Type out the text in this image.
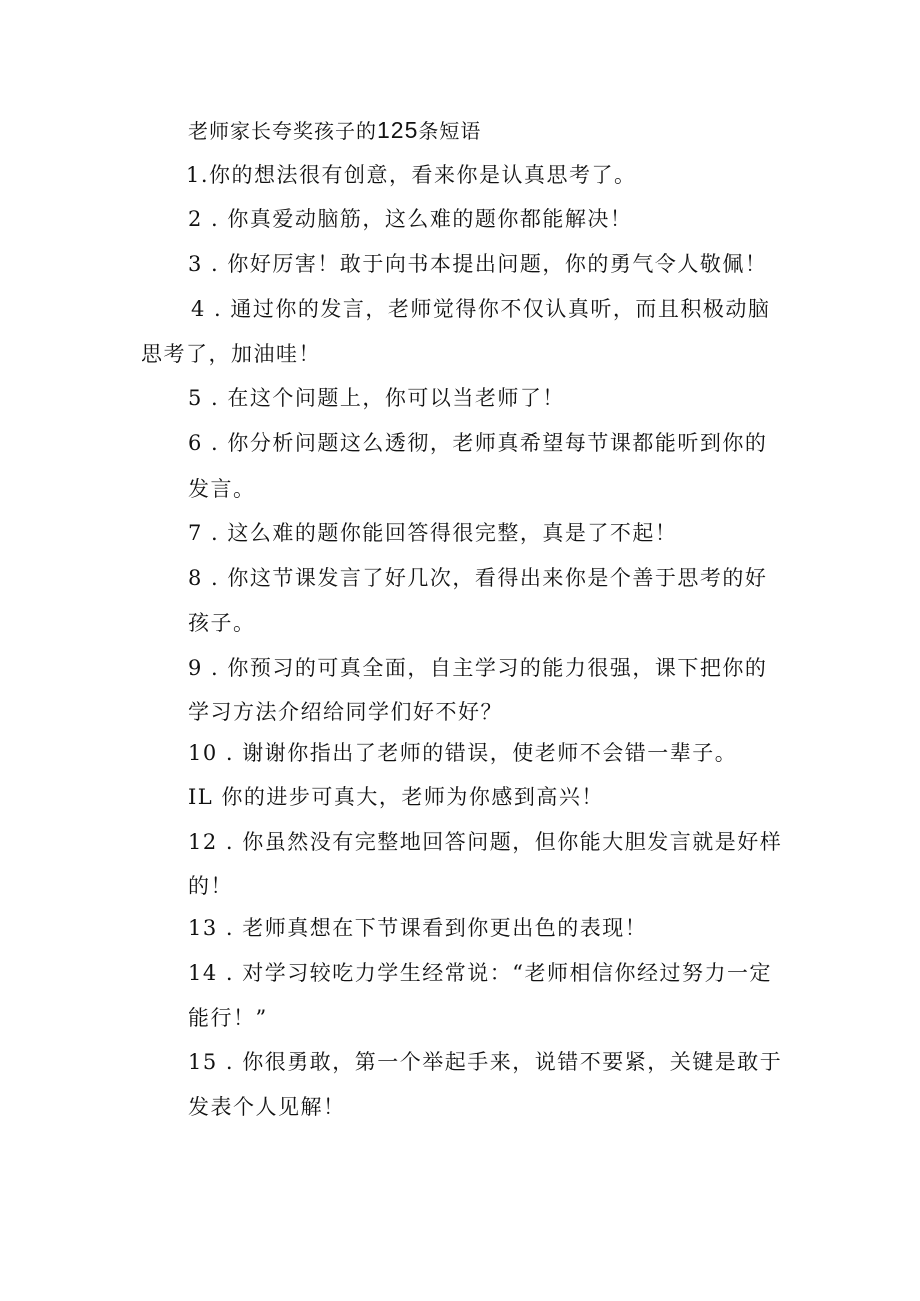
老师家长夸奖孩子的125条短语
1.你的想法很有创意，看来你是认真思考了。
2 . 你真爱动脑筋，这么难的题你都能解决！
3 . 你好厉害！敢于向书本提出问题，你的勇气令人敬佩！
4 . 通过你的发言，老师觉得你不仅认真听，而且积极动脑
思考了，加油哇！
5 . 在这个问题上，你可以当老师了！
6 . 你分析问题这么透彻，老师真希望每节课都能听到你的
发言。
7 . 这么难的题你能回答得很完整，真是了不起！
8 . 你这节课发言了好几次，看得出来你是个善于思考的好
孩子。
9 . 你预习的可真全面，自主学习的能力很强，课下把你的
学习方法介绍给同学们好不好？
10 . 谢谢你指出了老师的错误，使老师不会错一辈子。
IL 你的进步可真大，老师为你感到高兴！
12 . 你虽然没有完整地回答问题，但你能大胆发言就是好样
的！
13 . 老师真想在下节课看到你更出色的表现！
14 . 对学习较吃力学生经常说：“老师相信你经过努力一定
能行！”
15 . 你很勇敢，第一个举起手来，说错不要紧，关键是敢于
发表个人见解！
